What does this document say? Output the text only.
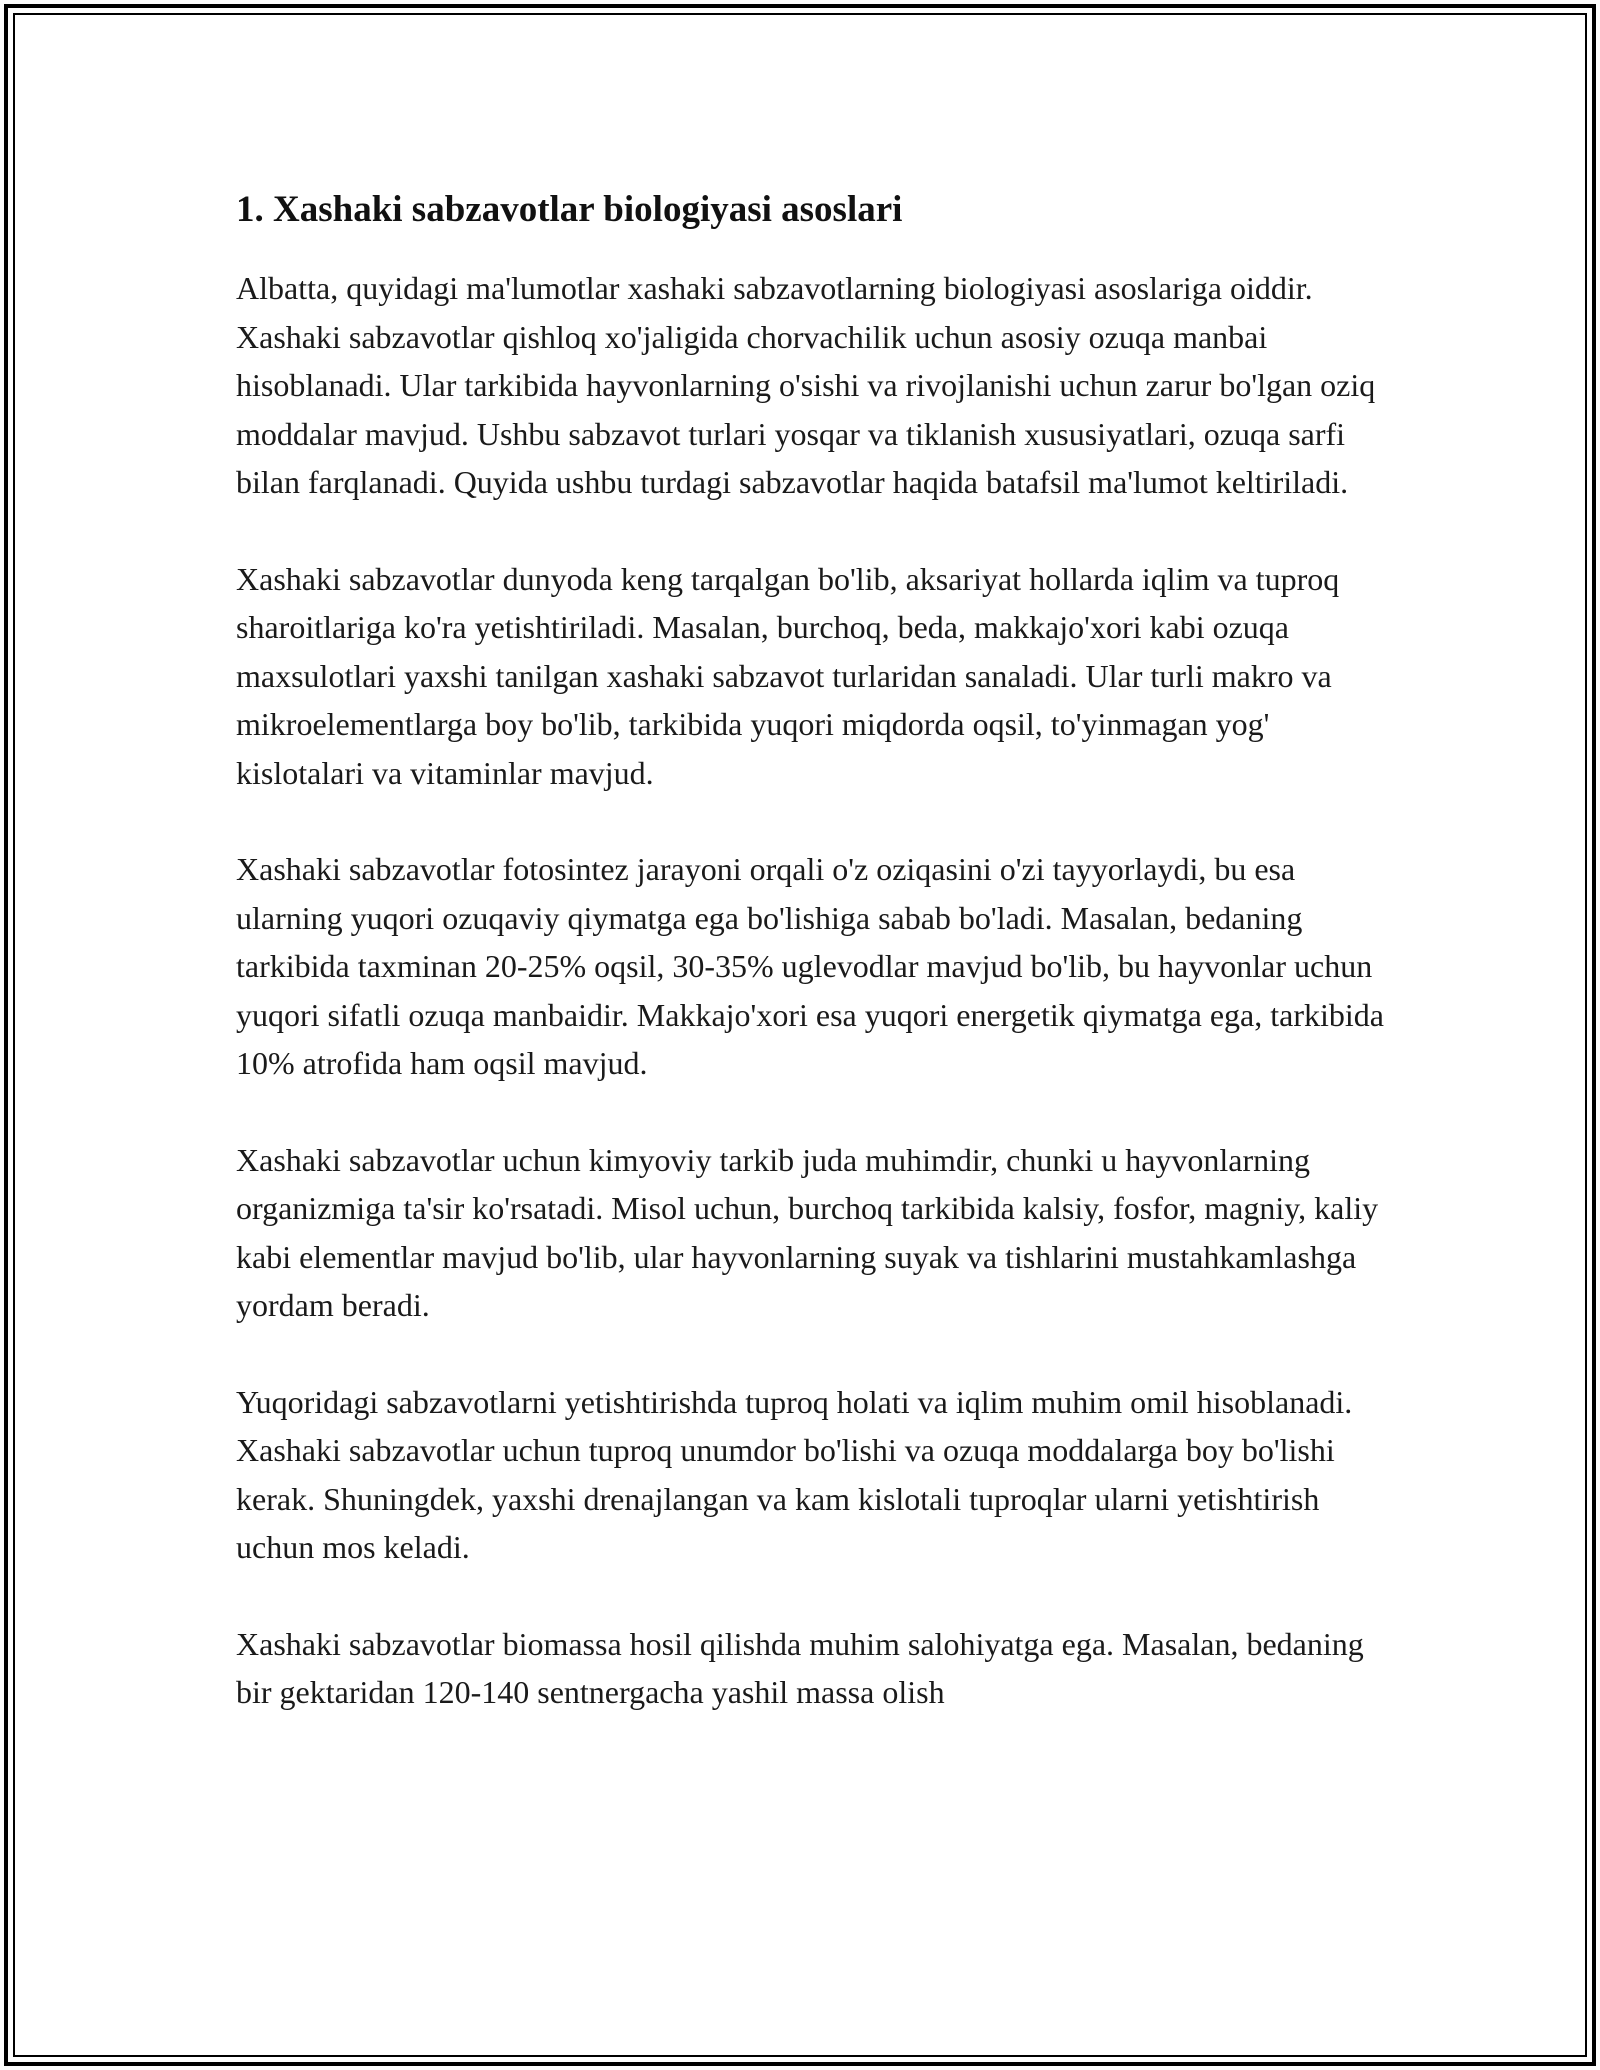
1. Xashaki sabzavotlar biologiyasi asoslari

Albatta, quyidagi ma'lumotlar xashaki sabzavotlarning biologiyasi asoslariga oiddir. Xashaki sabzavotlar qishloq xo'jaligida chorvachilik uchun asosiy ozuqa manbai hisoblanadi. Ular tarkibida hayvonlarning o'sishi va rivojlanishi uchun zarur bo'lgan oziq moddalar mavjud. Ushbu sabzavot turlari yosqar va tiklanish xususiyatlari, ozuqa sarfi bilan farqlanadi. Quyida ushbu turdagi sabzavotlar haqida batafsil ma'lumot keltiriladi.

Xashaki sabzavotlar dunyoda keng tarqalgan bo'lib, aksariyat hollarda iqlim va tuproq sharoitlariga ko'ra yetishtiriladi. Masalan, burchoq, beda, makkajo'xori kabi ozuqa maxsulotlari yaxshi tanilgan xashaki sabzavot turlaridan sanaladi. Ular turli makro va mikroelementlarga boy bo'lib, tarkibida yuqori miqdorda oqsil, to'yinmagan yog' kislotalari va vitaminlar mavjud.

Xashaki sabzavotlar fotosintez jarayoni orqali o'z oziqasini o'zi tayyorlaydi, bu esa ularning yuqori ozuqaviy qiymatga ega bo'lishiga sabab bo'ladi. Masalan, bedaning tarkibida taxminan 20-25% oqsil, 30-35% uglevodlar mavjud bo'lib, bu hayvonlar uchun yuqori sifatli ozuqa manbaidir. Makkajo'xori esa yuqori energetik qiymatga ega, tarkibida 10% atrofida ham oqsil mavjud.

Xashaki sabzavotlar uchun kimyoviy tarkib juda muhimdir, chunki u hayvonlarning organizmiga ta'sir ko'rsatadi. Misol uchun, burchoq tarkibida kalsiy, fosfor, magniy, kaliy kabi elementlar mavjud bo'lib, ular hayvonlarning suyak va tishlarini mustahkamlashga yordam beradi.

Yuqoridagi sabzavotlarni yetishtirishda tuproq holati va iqlim muhim omil hisoblanadi. Xashaki sabzavotlar uchun tuproq unumdor bo'lishi va ozuqa moddalarga boy bo'lishi kerak. Shuningdek, yaxshi drenajlangan va kam kislotali tuproqlar ularni yetishtirish uchun mos keladi.

Xashaki sabzavotlar biomassa hosil qilishda muhim salohiyatga ega. Masalan, bedaning bir gektaridan 120-140 sentnergacha yashil massa olish
